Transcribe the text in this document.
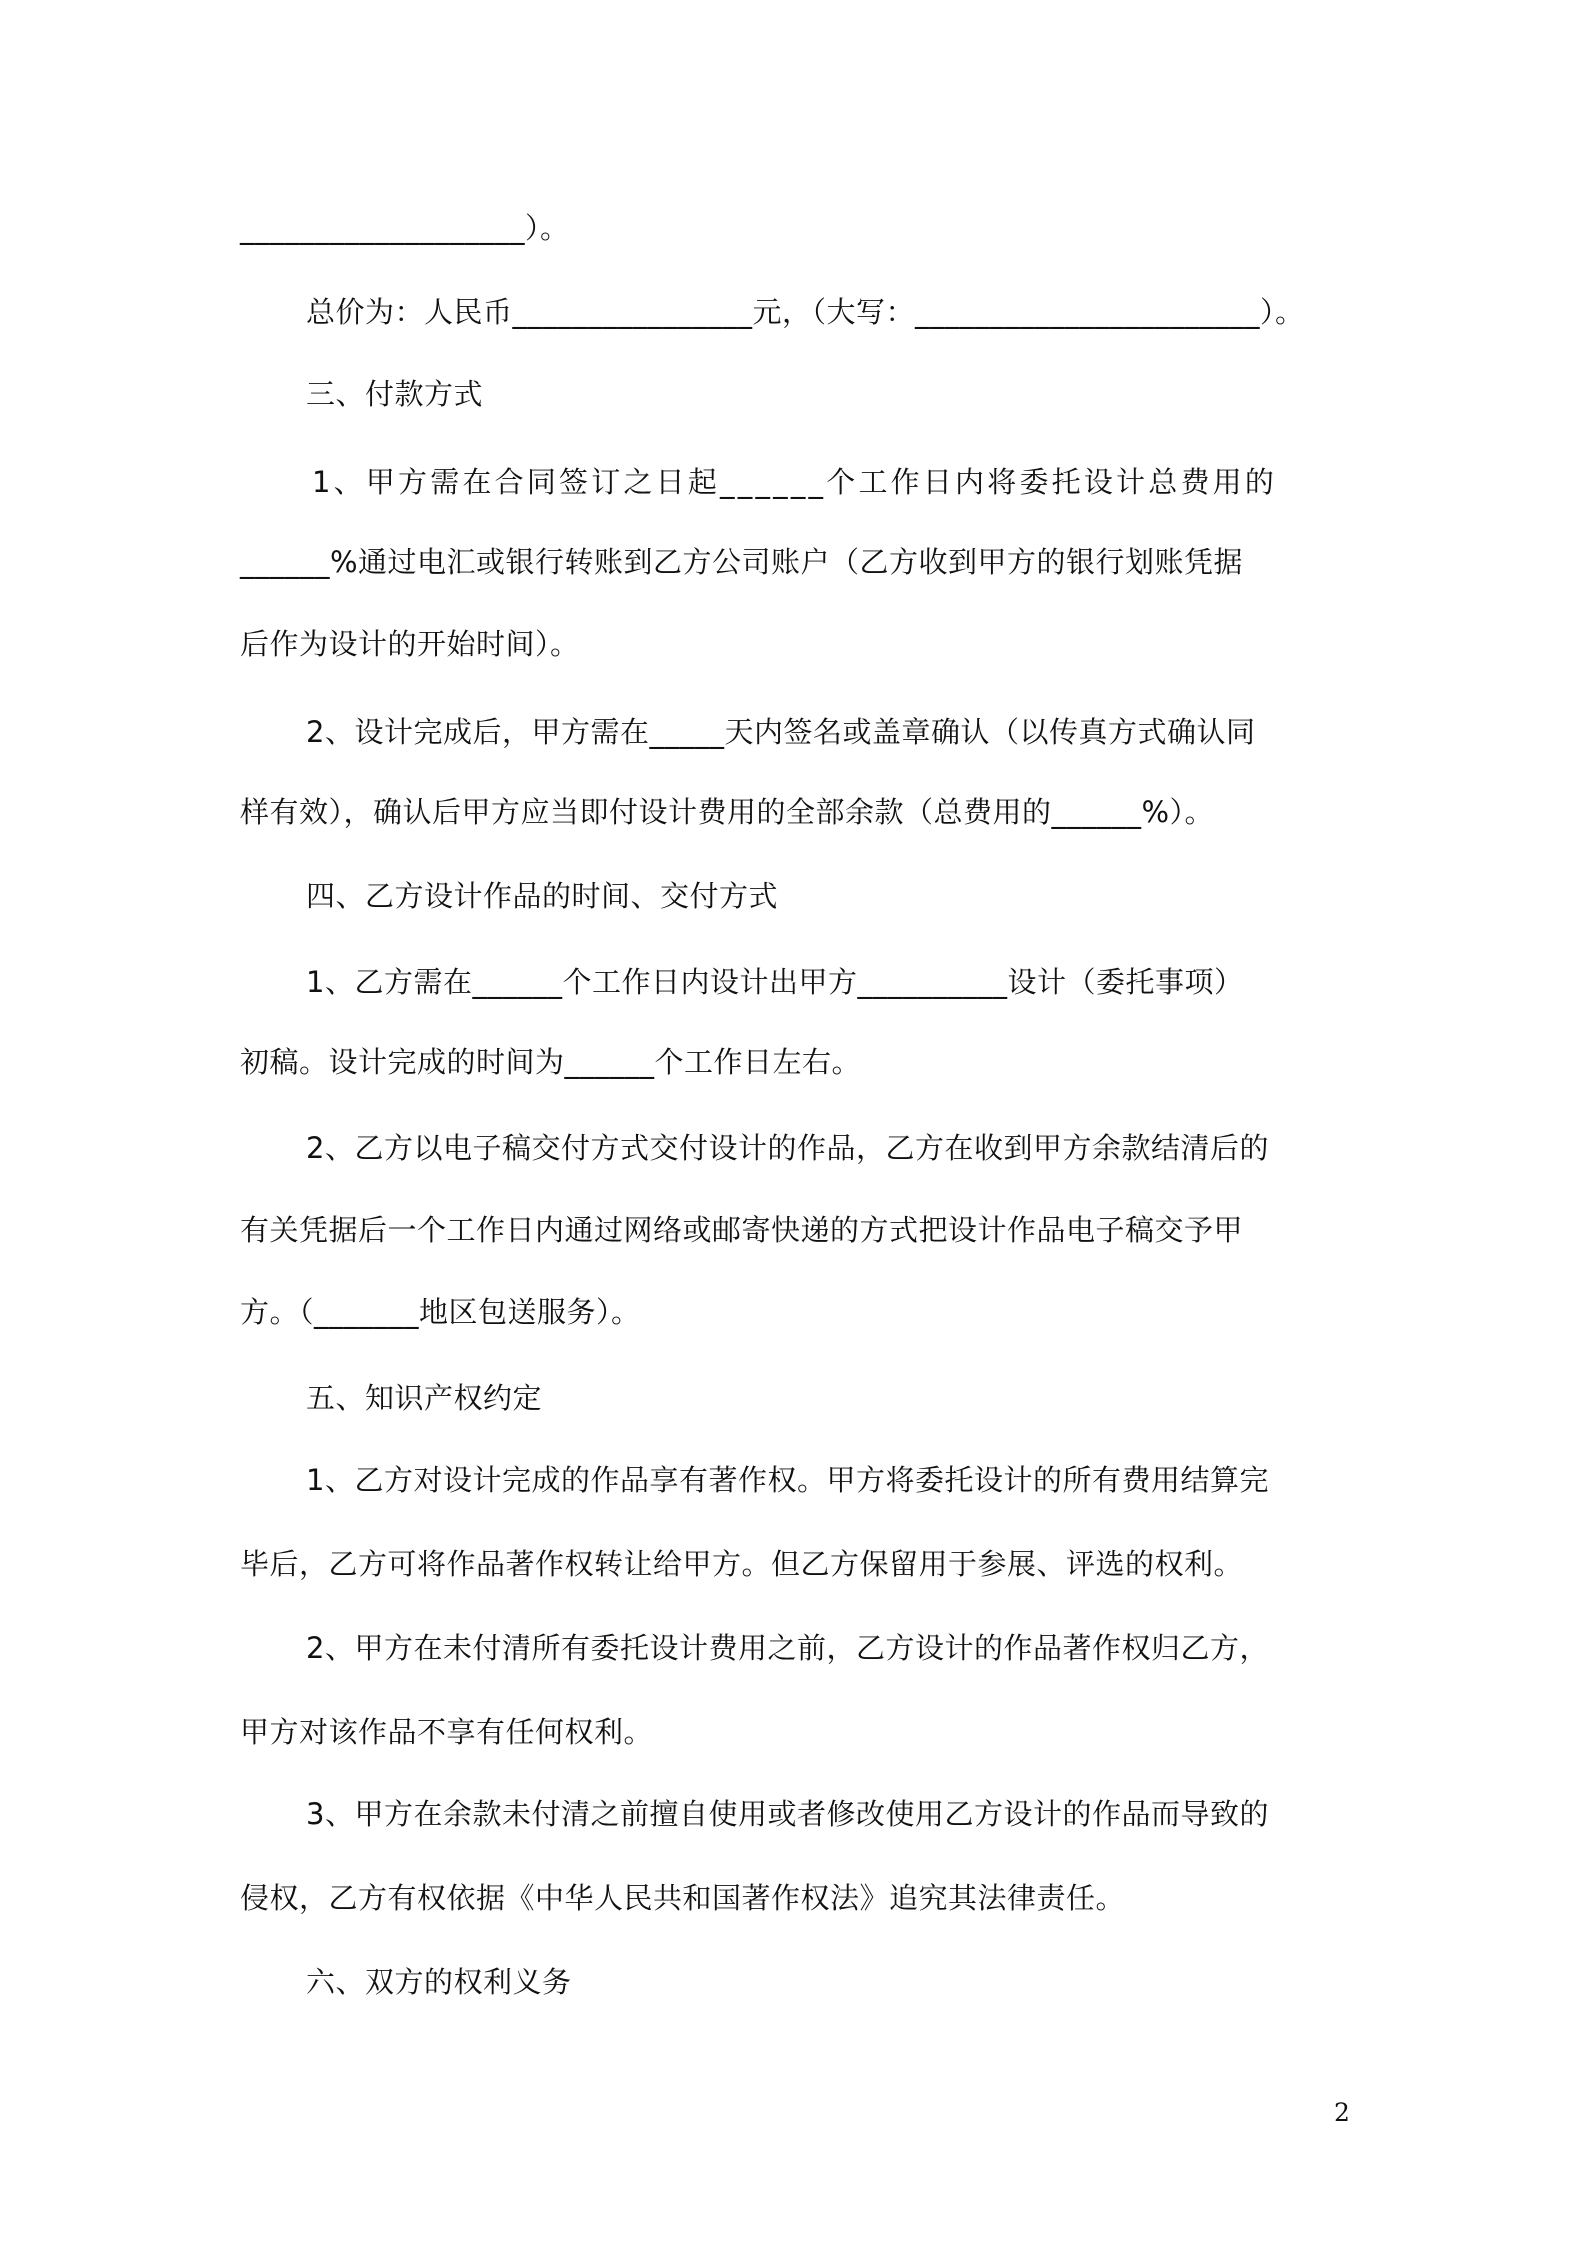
___________________）。
总价为：人民币________________元，（大写：_______________________）。
三、付款方式
1、甲方需在合同签订之日起______个工作日内将委托设计总费用的
______%通过电汇或银行转账到乙方公司账户（乙方收到甲方的银行划账凭据
后作为设计的开始时间）。
2、设计完成后，甲方需在_____天内签名或盖章确认（以传真方式确认同
样有效），确认后甲方应当即付设计费用的全部余款（总费用的______%）。
四、乙方设计作品的时间、交付方式
1、乙方需在______个工作日内设计出甲方__________设计（委托事项）
初稿。设计完成的时间为______个工作日左右。
2、乙方以电子稿交付方式交付设计的作品，乙方在收到甲方余款结清后的
有关凭据后一个工作日内通过网络或邮寄快递的方式把设计作品电子稿交予甲
方。（_______地区包送服务）。
五、知识产权约定
1、乙方对设计完成的作品享有著作权。甲方将委托设计的所有费用结算完
毕后，乙方可将作品著作权转让给甲方。但乙方保留用于参展、评选的权利。
2、甲方在未付清所有委托设计费用之前，乙方设计的作品著作权归乙方，
甲方对该作品不享有任何权利。
3、甲方在余款未付清之前擅自使用或者修改使用乙方设计的作品而导致的
侵权，乙方有权依据《中华人民共和国著作权法》追究其法律责任。
六、双方的权利义务
2
